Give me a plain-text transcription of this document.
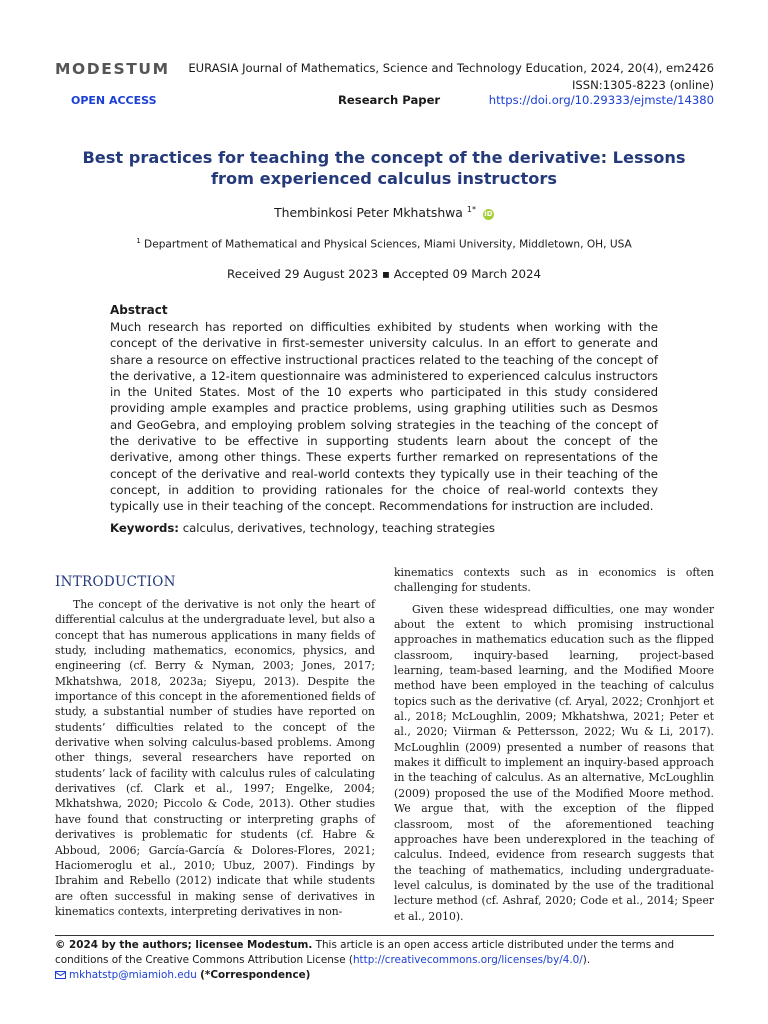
MODESTUM EURASIA Journal of Mathematics, Science and Technology Education, 2024, 20(4), em2426
ISSN:1305-8223 (online)
OPEN ACCESS	Research Paper	https://doi.org/10.29333/ejmste/14380
Best practices for teaching the concept of the derivative: Lessons from experienced calculus instructors
Thembinkosi Peter Mkhatshwa $^{1*}$ iD
$^1$ Department of Mathematical and Physical Sciences, Miami University, Middletown, OH, USA
Received 29 August 2023 ▪ Accepted 09 March 2024
Abstract
Much research has reported on difficulties exhibited by students when working with the concept of the derivative in first-semester university calculus. In an effort to generate and share a resource on effective instructional practices related to the teaching of the concept of the derivative, a 12-item questionnaire was administered to experienced calculus instructors in the United States. Most of the 10 experts who participated in this study considered providing ample examples and practice problems, using graphing utilities such as Desmos and GeoGebra, and employing problem solving strategies in the teaching of the concept of the derivative to be effective in supporting students learn about the concept of the derivative, among other things. These experts further remarked on representations of the concept of the derivative and real-world contexts they typically use in their teaching of the concept, in addition to providing rationales for the choice of real-world contexts they typically use in their teaching of the concept. Recommendations for instruction are included.
Keywords: calculus, derivatives, technology, teaching strategies
INTRODUCTION

The concept of the derivative is not only the heart of differential calculus at the undergraduate level, but also a concept that has numerous applications in many fields of study, including mathematics, economics, physics, and engineering (cf. Berry & Nyman, 2003; Jones, 2017; Mkhatshwa, 2018, 2023a; Siyepu, 2013). Despite the importance of this concept in the aforementioned fields of study, a substantial number of studies have reported on students’ difficulties related to the concept of the derivative when solving calculus-based problems. Among other things, several researchers have reported on students’ lack of facility with calculus rules of calculating derivatives (cf. Clark et al., 1997; Engelke, 2004; Mkhatshwa, 2020; Piccolo & Code, 2013). Other studies have found that constructing or interpreting graphs of derivatives is problematic for students (cf. Habre & Abboud, 2006; García-García & Dolores-Flores, 2021; Haciomeroglu et al., 2010; Ubuz, 2007). Findings by Ibrahim and Rebello (2012) indicate that while students are often successful in making sense of derivatives in kinematics contexts, interpreting derivatives in non-

kinematics contexts such as in economics is often challenging for students.

Given these widespread difficulties, one may wonder about the extent to which promising instructional approaches in mathematics education such as the flipped classroom, inquiry-based learning, project-based learning, team-based learning, and the Modified Moore method have been employed in the teaching of calculus topics such as the derivative (cf. Aryal, 2022; Cronhjort et al., 2018; McLoughlin, 2009; Mkhatshwa, 2021; Peter et al., 2020; Viirman & Pettersson, 2022; Wu & Li, 2017). McLoughlin (2009) presented a number of reasons that makes it difficult to implement an inquiry-based approach in the teaching of calculus. As an alternative, McLoughlin (2009) proposed the use of the Modified Moore method. We argue that, with the exception of the flipped classroom, most of the aforementioned teaching approaches have been underexplored in the teaching of calculus. Indeed, evidence from research suggests that the teaching of mathematics, including undergraduate-level calculus, is dominated by the use of the traditional lecture method (cf. Ashraf, 2020; Code et al., 2014; Speer et al., 2010).

© 2024 by the authors; licensee Modestum. This article is an open access article distributed under the terms and conditions of the Creative Commons Attribution License (http://creativecommons.org/licenses/by/4.0/).
mkhatstp@miamioh.edu (*Correspondence)
